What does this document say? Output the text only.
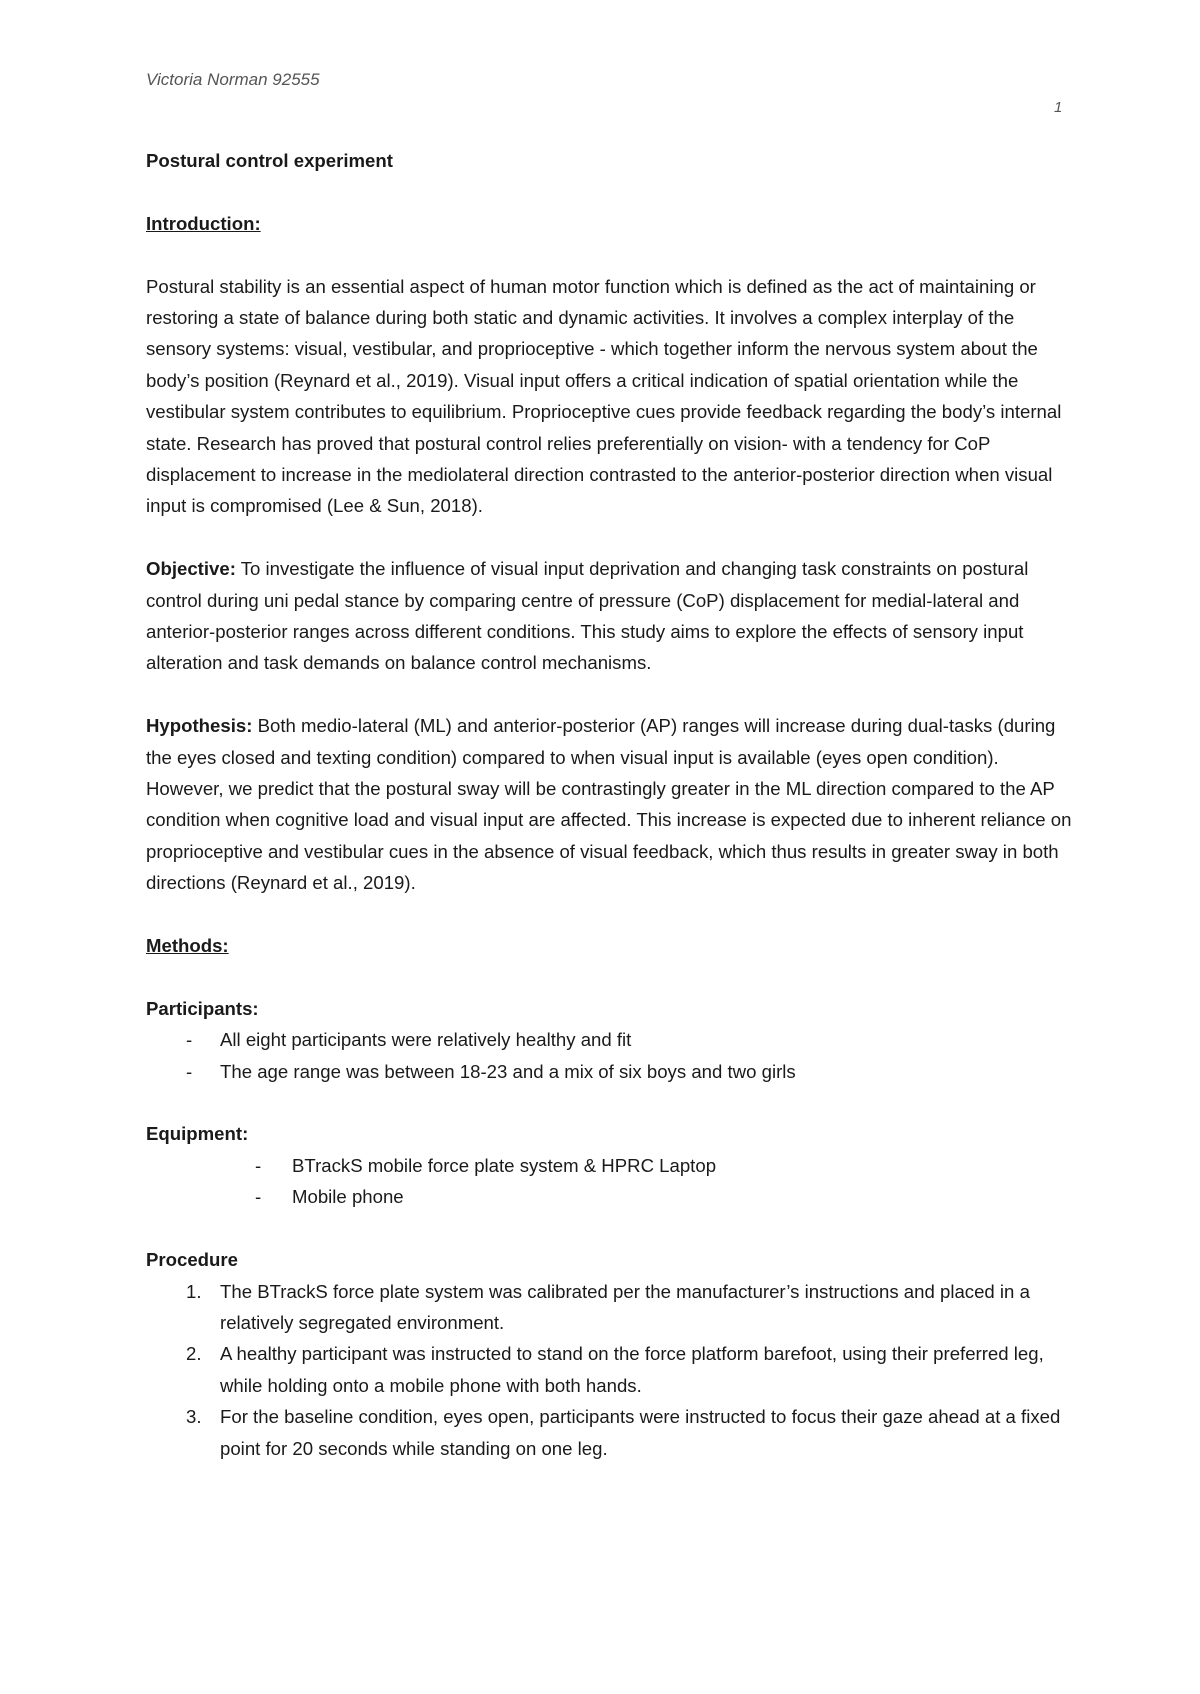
Victoria Norman 92555
1
Postural control experiment
Introduction:

Postural stability is an essential aspect of human motor function which is defined as the act of maintaining or restoring a state of balance during both static and dynamic activities. It involves a complex interplay of the sensory systems: visual, vestibular, and proprioceptive - which together inform the nervous system about the body’s position (Reynard et al., 2019). Visual input offers a critical indication of spatial orientation while the vestibular system contributes to equilibrium. Proprioceptive cues provide feedback regarding the body’s internal state. Research has proved that postural control relies preferentially on vision- with a tendency for CoP displacement to increase in the mediolateral direction contrasted to the anterior-posterior direction when visual input is compromised (Lee & Sun, 2018).

Objective: To investigate the influence of visual input deprivation and changing task constraints on postural control during uni pedal stance by comparing centre of pressure (CoP) displacement for medial-lateral and anterior-posterior ranges across different conditions. This study aims to explore the effects of sensory input alteration and task demands on balance control mechanisms.

Hypothesis: Both medio-lateral (ML) and anterior-posterior (AP) ranges will increase during dual-tasks (during the eyes closed and texting condition) compared to when visual input is available (eyes open condition). However, we predict that the postural sway will be contrastingly greater in the ML direction compared to the AP condition when cognitive load and visual input are affected. This increase is expected due to inherent reliance on proprioceptive and vestibular cues in the absence of visual feedback, which thus results in greater sway in both directions (Reynard et al., 2019).

Methods:
Participants:
- All eight participants were relatively healthy and fit
- The age range was between 18-23 and a mix of six boys and two girls
Equipment:
- BTrackS mobile force plate system & HPRC Laptop
- Mobile phone
Procedure
1. The BTrackS force plate system was calibrated per the manufacturer’s instructions and placed in a relatively segregated environment.
2. A healthy participant was instructed to stand on the force platform barefoot, using their preferred leg, while holding onto a mobile phone with both hands.
3. For the baseline condition, eyes open, participants were instructed to focus their gaze ahead at a fixed point for 20 seconds while standing on one leg.
